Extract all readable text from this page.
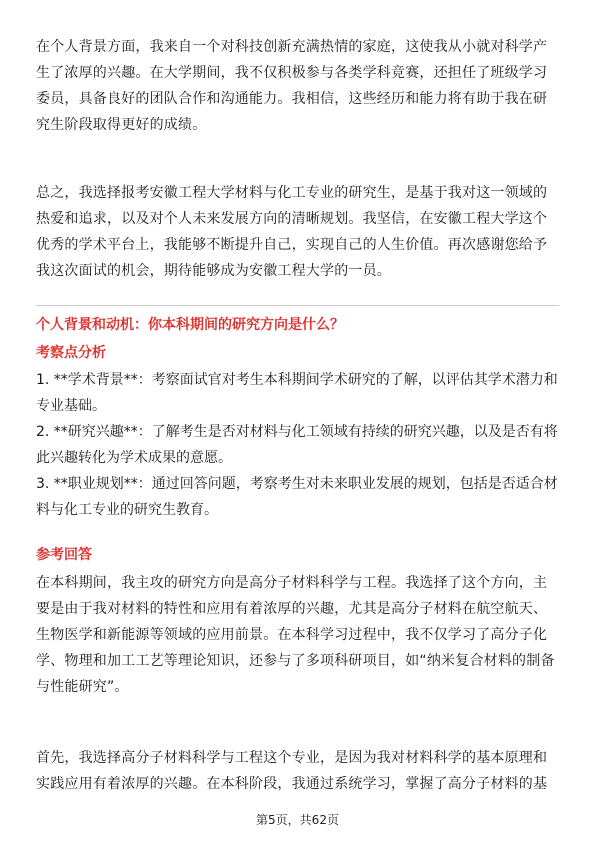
在个人背景方面，我来自一个对科技创新充满热情的家庭，这使我从小就对科学产生了浓厚的兴趣。在大学期间，我不仅积极参与各类学科竞赛，还担任了班级学习委员，具备良好的团队合作和沟通能力。我相信，这些经历和能力将有助于我在研究生阶段取得更好的成绩。

总之，我选择报考安徽工程大学材料与化工专业的研究生，是基于我对这一领域的热爱和追求，以及对个人未来发展方向的清晰规划。我坚信，在安徽工程大学这个优秀的学术平台上，我能够不断提升自己，实现自己的人生价值。再次感谢您给予我这次面试的机会，期待能够成为安徽工程大学的一员。

个人背景和动机：你本科期间的研究方向是什么？

考察点分析

1. **学术背景**：考察面试官对考生本科期间学术研究的了解，以评估其学术潜力和专业基础。
2. **研究兴趣**：了解考生是否对材料与化工领域有持续的研究兴趣，以及是否有将此兴趣转化为学术成果的意愿。
3. **职业规划**：通过回答问题，考察考生对未来职业发展的规划，包括是否适合材料与化工专业的研究生教育。

参考回答

在本科期间，我主攻的研究方向是高分子材料科学与工程。我选择了这个方向，主要是由于我对材料的特性和应用有着浓厚的兴趣，尤其是高分子材料在航空航天、生物医学和新能源等领域的应用前景。在本科学习过程中，我不仅学习了高分子化学、物理和加工工艺等理论知识，还参与了多项科研项目，如“纳米复合材料的制备与性能研究”。

首先，我选择高分子材料科学与工程这个专业，是因为我对材料科学的基本原理和实践应用有着浓厚的兴趣。在本科阶段，我通过系统学习，掌握了高分子材料的基

第5页，共62页
